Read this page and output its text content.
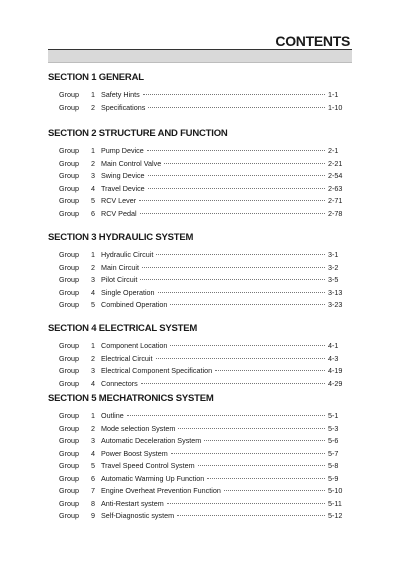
CONTENTS
SECTION 1 GENERAL
Group	1 Safety Hints	1-1
Group	2 Specifications	1-10
SECTION 2 STRUCTURE AND FUNCTION
Group	1 Pump Device	2-1
Group	2 Main Control Valve	2-21
Group	3 Swing Device	2-54
Group	4 Travel Device	2-63
Group	5 RCV Lever	2-71
Group	6 RCV Pedal	2-78
SECTION 3 HYDRAULIC SYSTEM
Group	1 Hydraulic Circuit	3-1
Group	2 Main Circuit	3-2
Group	3 Pilot Circuit	3-5
Group	4 Single Operation	3-13
Group	5 Combined Operation	3-23
SECTION 4 ELECTRICAL SYSTEM
Group	1 Component Location	4-1
Group	2 Electrical Circuit	4-3
Group	3 Electrical Component Specification	4-19
Group	4 Connectors	4-29
SECTION 5 MECHATRONICS SYSTEM
Group	1 Outline	5-1
Group	2 Mode selection System	5-3
Group	3 Automatic Deceleration System	5-6
Group	4 Power Boost System	5-7
Group	5 Travel Speed Control System	5-8
Group	6 Automatic Warming Up Function	5-9
Group	7 Engine Overheat Prevention Function	5-10
Group	8 Anti-Restart system	5-11
Group	9 Self-Diagnostic system	5-12
